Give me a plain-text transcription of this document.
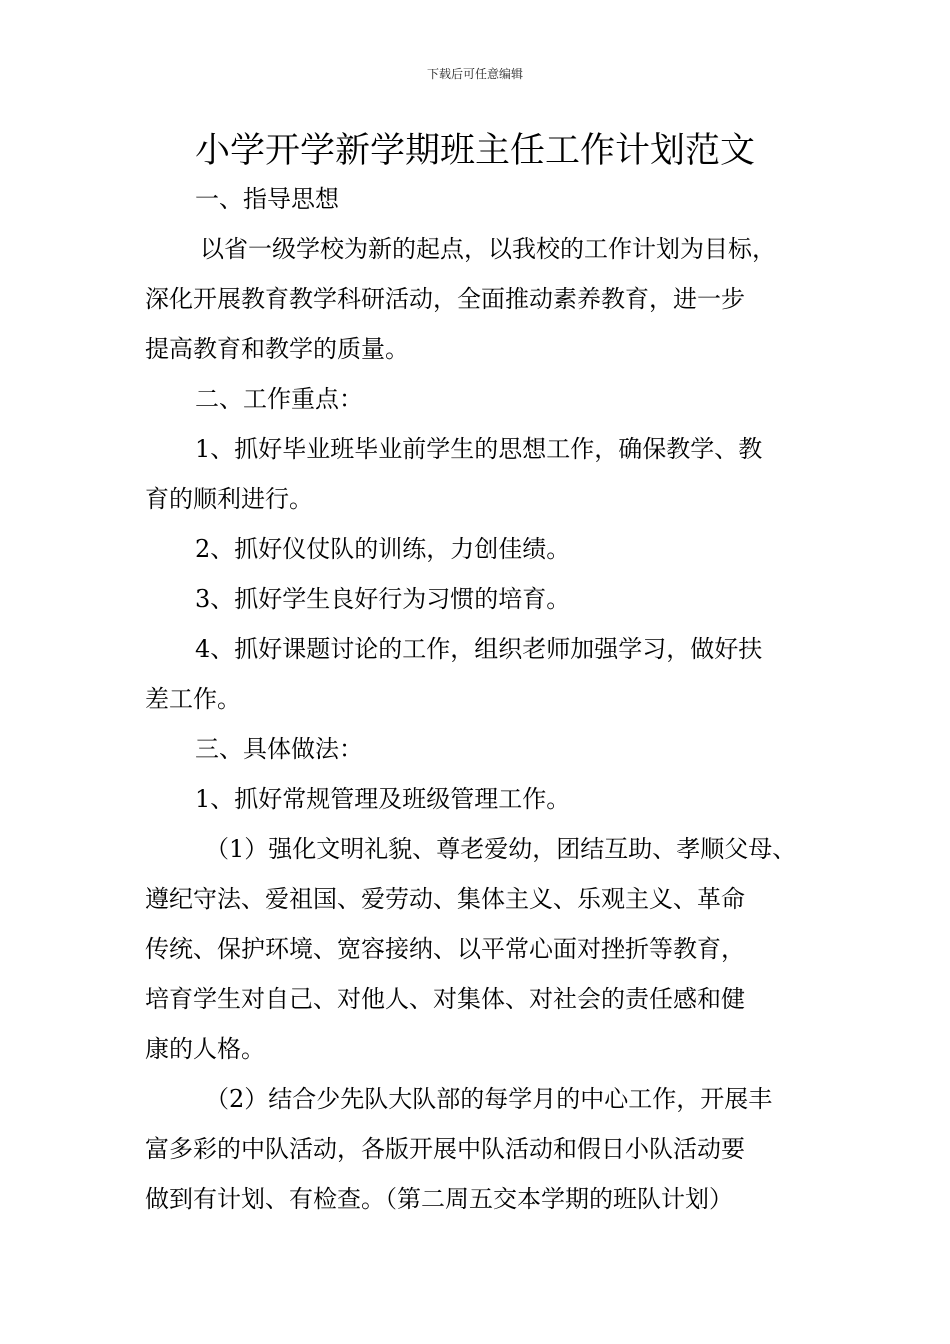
下载后可任意编辑
小学开学新学期班主任工作计划范文
一、指导思想
以省一级学校为新的起点，以我校的工作计划为目标，
深化开展教育教学科研活动，全面推动素养教育，进一步
提高教育和教学的质量。
二、工作重点：
1、抓好毕业班毕业前学生的思想工作，确保教学、教
育的顺利进行。
2、抓好仪仗队的训练，力创佳绩。
3、抓好学生良好行为习惯的培育。
4、抓好课题讨论的工作，组织老师加强学习，做好扶
差工作。
三、具体做法：
1、抓好常规管理及班级管理工作。
（1）强化文明礼貌、尊老爱幼，团结互助、孝顺父母、
遵纪守法、爱祖国、爱劳动、集体主义、乐观主义、革命
传统、保护环境、宽容接纳、以平常心面对挫折等教育，
培育学生对自己、对他人、对集体、对社会的责任感和健
康的人格。
（2）结合少先队大队部的每学月的中心工作，开展丰
富多彩的中队活动，各版开展中队活动和假日小队活动要
做到有计划、有检查。（第二周五交本学期的班队计划）
